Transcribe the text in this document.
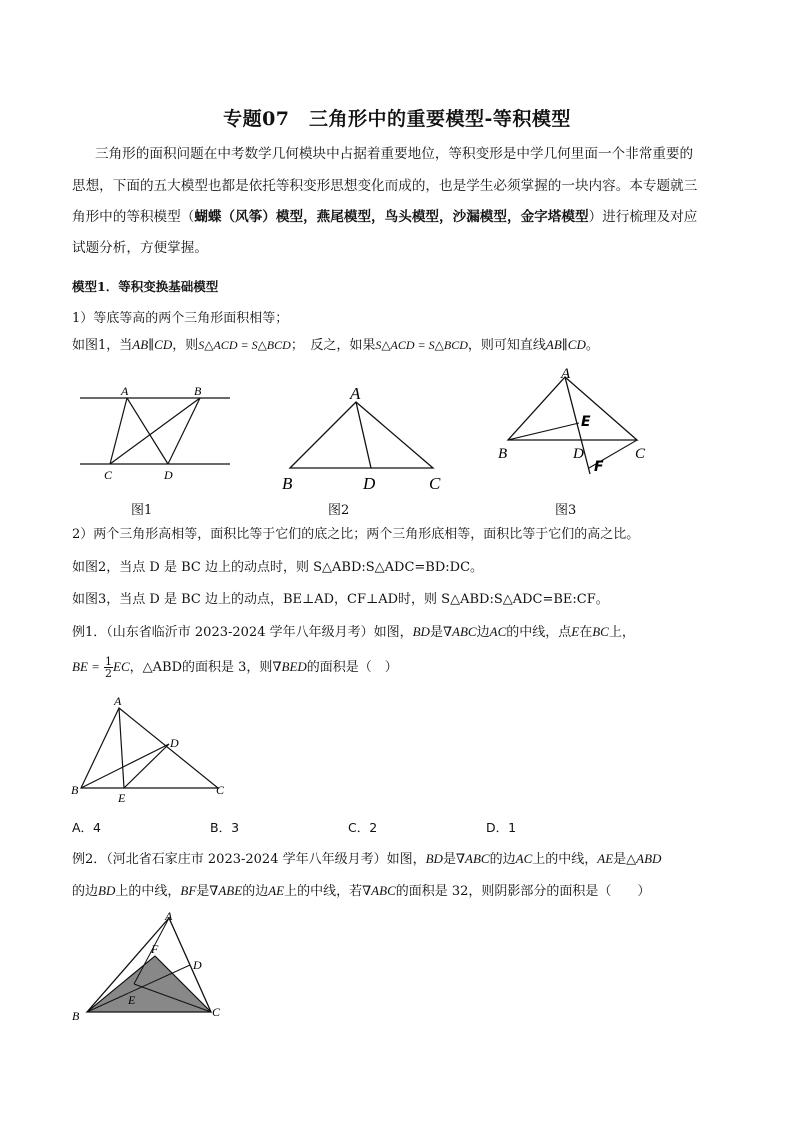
专题07　三角形中的重要模型-等积模型
三角形的面积问题在中考数学几何模块中占据着重要地位，等积变形是中学几何里面一个非常重要的
思想，下面的五大模型也都是依托等积变形思想变化而成的，也是学生必须掌握的一块内容。本专题就三
角形中的等积模型（蝴蝶（风筝）模型，燕尾模型，鸟头模型，沙漏模型，金字塔模型）进行梳理及对应
试题分析，方便掌握。
模型1．等积变换基础模型
1）等底等高的两个三角形面积相等；
如图1，当AB∥CD，则S△ACD = S△BCD；　反之，如果S△ACD = S△BCD，则可知直线AB∥CD。
A	B
C	D
图1
A
B	D	C
图2
A
E
B	D	C
F
图3
2）两个三角形高相等，面积比等于它们的底之比；两个三角形底相等，面积比等于它们的高之比。
如图2，当点 D 是 BC 边上的动点时，则 S△ABD:S△ADC=BD:DC。
如图3，当点 D 是 BC 边上的动点，BE⊥AD，CF⊥AD时，则 S△ABD:S△ADC=BE:CF。
例1．（山东省临沂市 2023-2024 学年八年级月考）如图，BD是∇ABC边AC的中线，点E在BC上，
BE = $\frac{1}{2}$ EC，△ABD的面积是 3，则∇BED的面积是（　）
A
D
B
E
C
A．4	B．3	C．2	D．1
例2．（河北省石家庄市 2023-2024 学年八年级月考）如图，BD是∇ABC的边AC上的中线，AE是△ABD
的边BD上的中线，BF是∇ABE的边AE上的中线，若∇ABC的面积是 32，则阴影部分的面积是（　　）
A
F
D
E
B	C
